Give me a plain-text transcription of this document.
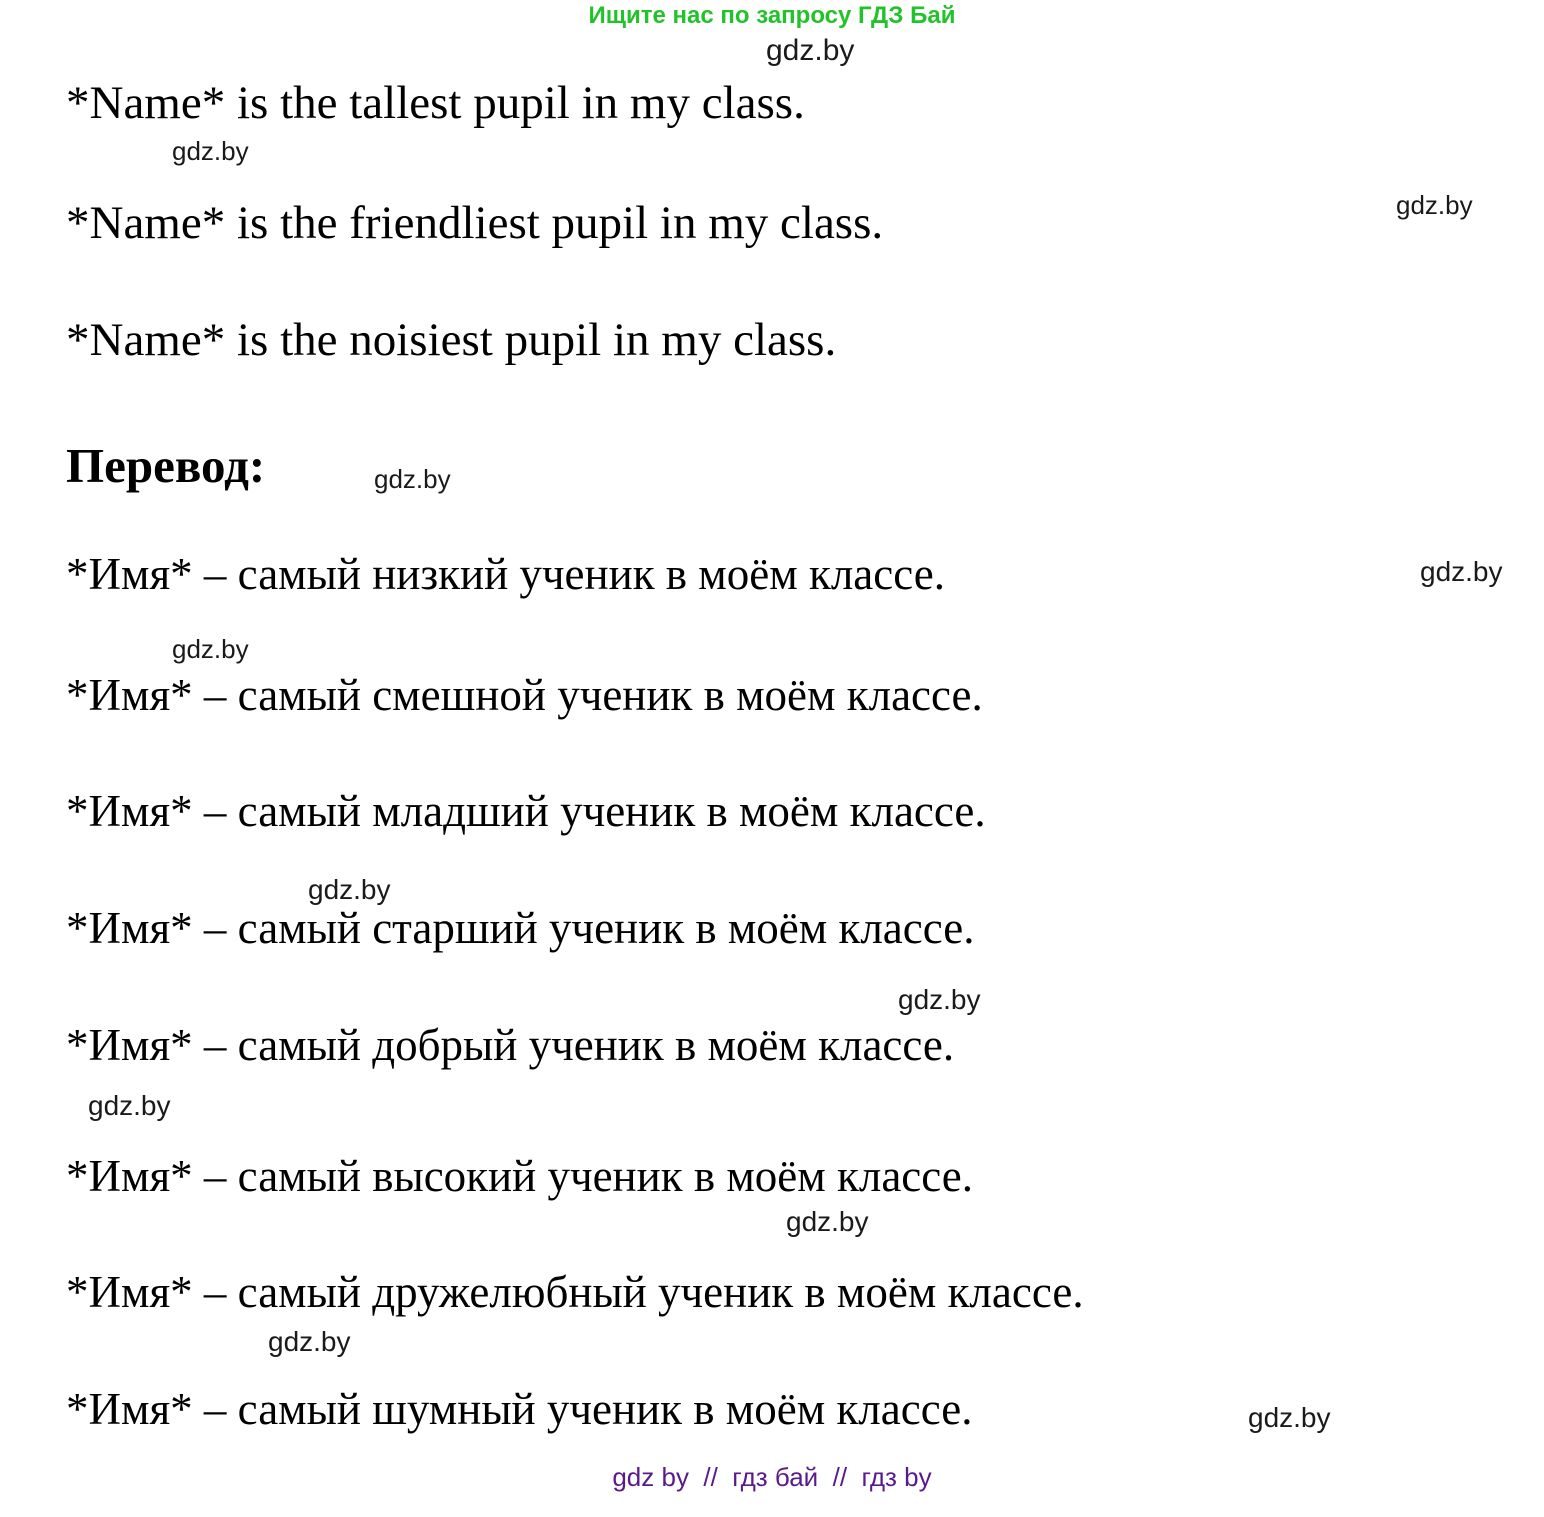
Ищите нас по запросу ГДЗ Бай
gdz.by
gdz.by
gdz.by
gdz.by
gdz.by
gdz.by
gdz.by
gdz.by
gdz.by
gdz.by
gdz.by
gdz.by
*Name* is the tallest pupil in my class.
*Name* is the friendliest pupil in my class.
*Name* is the noisiest pupil in my class.
Перевод:
*Имя* – самый низкий ученик в моём классе.
*Имя* – самый смешной ученик в моём классе.
*Имя* – самый младший ученик в моём классе.
*Имя* – самый старший ученик в моём классе.
*Имя* – самый добрый ученик в моём классе.
*Имя* – самый высокий ученик в моём классе.
*Имя* – самый дружелюбный ученик в моём классе.
*Имя* – самый шумный ученик в моём классе.
gdz by  //  гдз бай  //  гдз by
